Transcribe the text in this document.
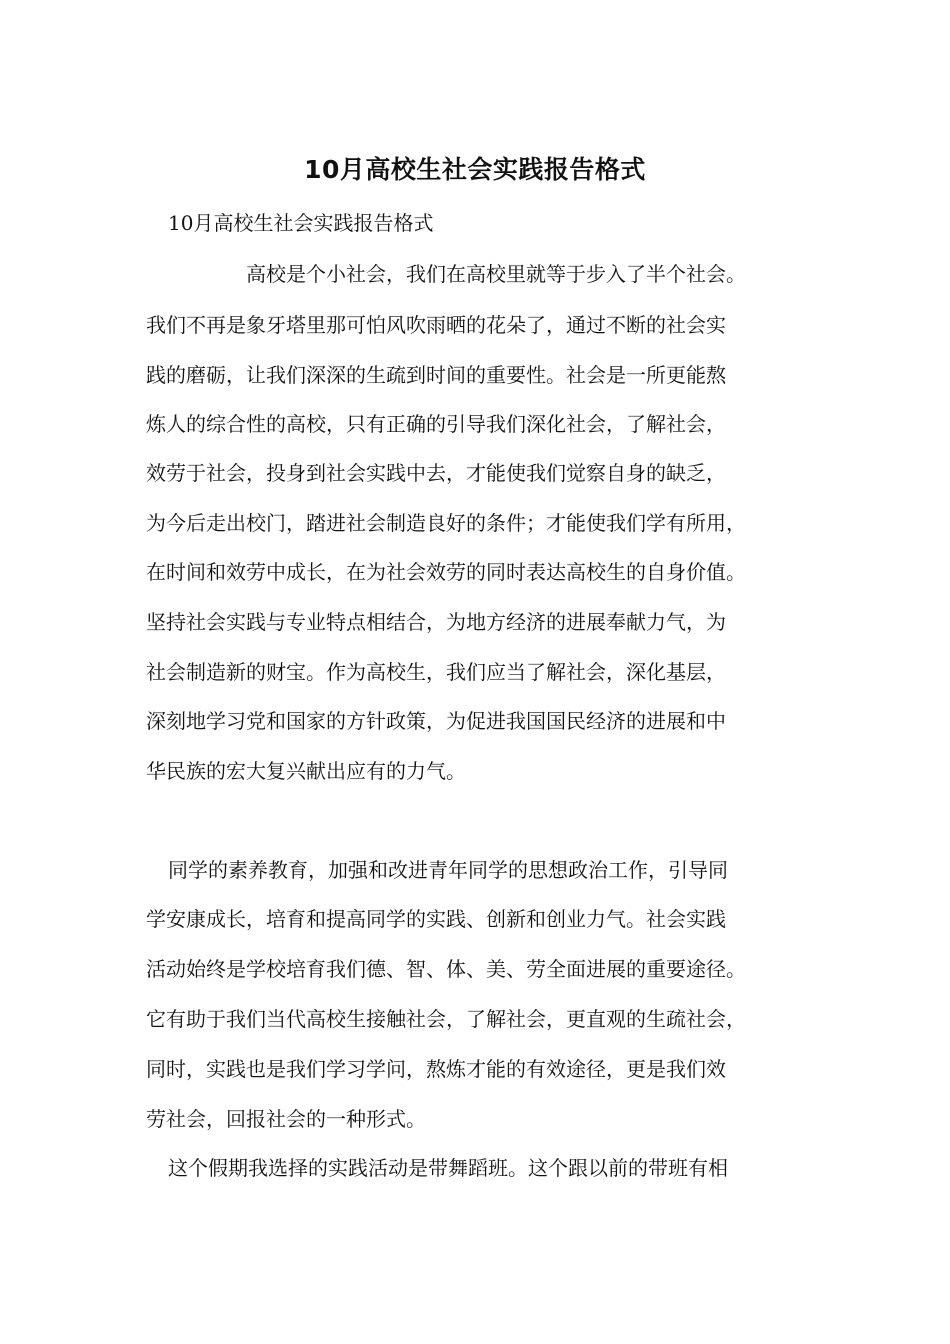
10月高校生社会实践报告格式

10月高校生社会实践报告格式

高校是个小社会，我们在高校里就等于步入了半个社会。

我们不再是象牙塔里那可怕风吹雨晒的花朵了，通过不断的社会实

践的磨砺，让我们深深的生疏到时间的重要性。社会是一所更能熬

炼人的综合性的高校，只有正确的引导我们深化社会，了解社会，

效劳于社会，投身到社会实践中去，才能使我们觉察自身的缺乏，

为今后走出校门，踏进社会制造良好的条件；才能使我们学有所用，

在时间和效劳中成长，在为社会效劳的同时表达高校生的自身价值。

坚持社会实践与专业特点相结合，为地方经济的进展奉献力气，为

社会制造新的财宝。作为高校生，我们应当了解社会，深化基层，

深刻地学习党和国家的方针政策，为促进我国国民经济的进展和中

华民族的宏大复兴献出应有的力气。

同学的素养教育，加强和改进青年同学的思想政治工作，引导同

学安康成长，培育和提高同学的实践、创新和创业力气。社会实践

活动始终是学校培育我们德、智、体、美、劳全面进展的重要途径。

它有助于我们当代高校生接触社会，了解社会，更直观的生疏社会，

同时，实践也是我们学习学问，熬炼才能的有效途径，更是我们效

劳社会，回报社会的一种形式。

这个假期我选择的实践活动是带舞蹈班。这个跟以前的带班有相
